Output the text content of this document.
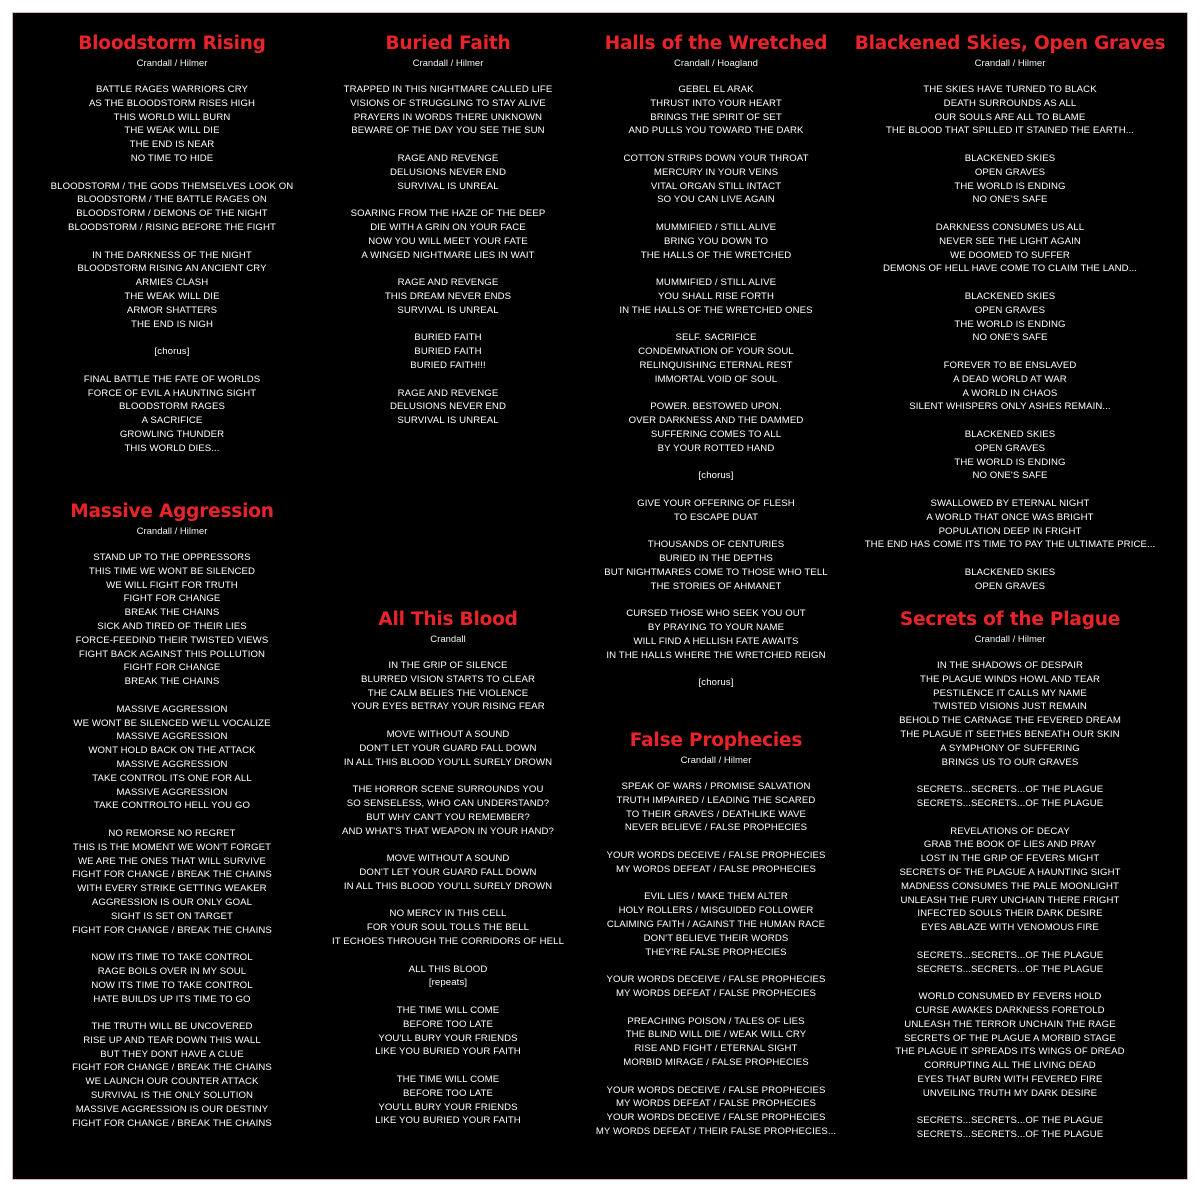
Bloodstorm Rising
Crandall / Hilmer
BATTLE RAGES WARRIORS CRY
AS THE BLOODSTORM RISES HIGH
THIS WORLD WILL BURN
THE WEAK WILL DIE
THE END IS NEAR
NO TIME TO HIDE
BLOODSTORM / THE GODS THEMSELVES LOOK ON
BLOODSTORM / THE BATTLE RAGES ON
BLOODSTORM / DEMONS OF THE NIGHT
BLOODSTORM / RISING BEFORE THE FIGHT
IN THE DARKNESS OF THE NIGHT
BLOODSTORM RISING AN ANCIENT CRY
ARMIES CLASH
THE WEAK WILL DIE
ARMOR SHATTERS
THE END IS NIGH
[chorus]
FINAL BATTLE THE FATE OF WORLDS
FORCE OF EVIL A HAUNTING SIGHT
BLOODSTORM RAGES
A SACRIFICE
GROWLING THUNDER
THIS WORLD DIES...
Buried Faith
Crandall / Hilmer
TRAPPED IN THIS NIGHTMARE CALLED LIFE
VISIONS OF STRUGGLING TO STAY ALIVE
PRAYERS IN WORDS THERE UNKNOWN
BEWARE OF THE DAY YOU SEE THE SUN
RAGE AND REVENGE
DELUSIONS NEVER END
SURVIVAL IS UNREAL
SOARING FROM THE HAZE OF THE DEEP
DIE WITH A GRIN ON YOUR FACE
NOW YOU WILL MEET YOUR FATE
A WINGED NIGHTMARE LIES IN WAIT
RAGE AND REVENGE
THIS DREAM NEVER ENDS
SURVIVAL IS UNREAL
BURIED FAITH
BURIED FAITH
BURIED FAITH!!!
RAGE AND REVENGE
DELUSIONS NEVER END
SURVIVAL IS UNREAL
Halls of the Wretched
Crandall / Hoagland
GEBEL EL ARAK
THRUST INTO YOUR HEART
BRINGS THE SPIRIT OF SET
AND PULLS YOU TOWARD THE DARK
COTTON STRIPS DOWN YOUR THROAT
MERCURY IN YOUR VEINS
VITAL ORGAN STILL INTACT
SO YOU CAN LIVE AGAIN
MUMMIFIED / STILL ALIVE
BRING YOU DOWN TO
THE HALLS OF THE WRETCHED
MUMMIFIED / STILL ALIVE
YOU SHALL RISE FORTH
IN THE HALLS OF THE WRETCHED ONES
SELF. SACRIFICE
CONDEMNATION OF YOUR SOUL
RELINQUISHING ETERNAL REST
IMMORTAL VOID OF SOUL
POWER. BESTOWED UPON.
OVER DARKNESS AND THE DAMMED
SUFFERING COMES TO ALL
BY YOUR ROTTED HAND
[chorus]
GIVE YOUR OFFERING OF FLESH
TO ESCAPE DUAT
THOUSANDS OF CENTURIES
BURIED IN THE DEPTHS
BUT NIGHTMARES COME TO THOSE WHO TELL
THE STORIES OF AHMANET
CURSED THOSE WHO SEEK YOU OUT
BY PRAYING TO YOUR NAME
WILL FIND A HELLISH FATE AWAITS
IN THE HALLS WHERE THE WRETCHED REIGN
[chorus]
Blackened Skies, Open Graves
Crandall / Hilmer
THE SKIES HAVE TURNED TO BLACK
DEATH SURROUNDS AS ALL
OUR SOULS ARE ALL TO BLAME
THE BLOOD THAT SPILLED IT STAINED THE EARTH...
BLACKENED SKIES
OPEN GRAVES
THE WORLD IS ENDING
NO ONE'S SAFE
DARKNESS CONSUMES US ALL
NEVER SEE THE LIGHT AGAIN
WE DOOMED TO SUFFER
DEMONS OF HELL HAVE COME TO CLAIM THE LAND...
BLACKENED SKIES
OPEN GRAVES
THE WORLD IS ENDING
NO ONE'S SAFE
FOREVER TO BE ENSLAVED
A DEAD WORLD AT WAR
A WORLD IN CHAOS
SILENT WHISPERS ONLY ASHES REMAIN...
BLACKENED SKIES
OPEN GRAVES
THE WORLD IS ENDING
NO ONE'S SAFE
SWALLOWED BY ETERNAL NIGHT
A WORLD THAT ONCE WAS BRIGHT
POPULATION DEEP IN FRIGHT
THE END HAS COME ITS TIME TO PAY THE ULTIMATE PRICE...
BLACKENED SKIES
OPEN GRAVES
Massive Aggression
Crandall / Hilmer
STAND UP TO THE OPPRESSORS
THIS TIME WE WONT BE SILENCED
WE WILL FIGHT FOR TRUTH
FIGHT FOR CHANGE
BREAK THE CHAINS
SICK AND TIRED OF THEIR LIES
FORCE-FEEDIND THEIR TWISTED VIEWS
FIGHT BACK AGAINST THIS POLLUTION
FIGHT FOR CHANGE
BREAK THE CHAINS
MASSIVE AGGRESSION
WE WONT BE SILENCED WE'LL VOCALIZE
MASSIVE AGGRESSION
WONT HOLD BACK ON THE ATTACK
MASSIVE AGGRESSION
TAKE CONTROL ITS ONE FOR ALL
MASSIVE AGGRESSION
TAKE CONTROLTO HELL YOU GO
NO REMORSE NO REGRET
THIS IS THE MOMENT WE WON'T FORGET
WE ARE THE ONES THAT WILL SURVIVE
FIGHT FOR CHANGE / BREAK THE CHAINS
WITH EVERY STRIKE GETTING WEAKER
AGGRESSION IS OUR ONLY GOAL
SIGHT IS SET ON TARGET
FIGHT FOR CHANGE / BREAK THE CHAINS
NOW ITS TIME TO TAKE CONTROL
RAGE BOILS OVER IN MY SOUL
NOW ITS TIME TO TAKE CONTROL
HATE BUILDS UP ITS TIME TO GO
THE TRUTH WILL BE UNCOVERED
RISE UP AND TEAR DOWN THIS WALL
BUT THEY DONT HAVE A CLUE
FIGHT FOR CHANGE / BREAK THE CHAINS
WE LAUNCH OUR COUNTER ATTACK
SURVIVAL IS THE ONLY SOLUTION
MASSIVE AGGRESSION IS OUR DESTINY
FIGHT FOR CHANGE / BREAK THE CHAINS
All This Blood
Crandall
IN THE GRIP OF SILENCE
BLURRED VISION STARTS TO CLEAR
THE CALM BELIES THE VIOLENCE
YOUR EYES BETRAY YOUR RISING FEAR
MOVE WITHOUT A SOUND
DON'T LET YOUR GUARD FALL DOWN
IN ALL THIS BLOOD YOU'LL SURELY DROWN
THE HORROR SCENE SURROUNDS YOU
SO SENSELESS, WHO CAN UNDERSTAND?
BUT WHY CAN'T YOU REMEMBER?
AND WHAT'S THAT WEAPON IN YOUR HAND?
MOVE WITHOUT A SOUND
DON'T LET YOUR GUARD FALL DOWN
IN ALL THIS BLOOD YOU'LL SURELY DROWN
NO MERCY IN THIS CELL
FOR YOUR SOUL TOLLS THE BELL
IT ECHOES THROUGH THE CORRIDORS OF HELL
ALL THIS BLOOD
[repeats]
THE TIME WILL COME
BEFORE TOO LATE
YOU'LL BURY YOUR FRIENDS
LIKE YOU BURIED YOUR FAITH
THE TIME WILL COME
BEFORE TOO LATE
YOU'LL BURY YOUR FRIENDS
LIKE YOU BURIED YOUR FAITH
False Prophecies
Crandall / Hilmer
SPEAK OF WARS / PROMISE SALVATION
TRUTH IMPAIRED / LEADING THE SCARED
TO THEIR GRAVES / DEATHLIKE WAVE
NEVER BELIEVE / FALSE PROPHECIES
YOUR WORDS DECEIVE / FALSE PROPHECIES
MY WORDS DEFEAT / FALSE PROPHECIES
EVIL LIES / MAKE THEM ALTER
HOLY ROLLERS / MISGUIDED FOLLOWER
CLAIMING FAITH / AGAINST THE HUMAN RACE
DON'T BELIEVE THEIR WORDS
THEY'RE FALSE PROPHECIES
YOUR WORDS DECEIVE / FALSE PROPHECIES
MY WORDS DEFEAT / FALSE PROPHECIES
PREACHING POISON / TALES OF LIES
THE BLIND WILL DIE / WEAK WILL CRY
RISE AND FIGHT / ETERNAL SIGHT
MORBID MIRAGE / FALSE PROPHECIES
YOUR WORDS DECEIVE / FALSE PROPHECIES
MY WORDS DEFEAT / FALSE PROPHECIES
YOUR WORDS DECEIVE / FALSE PROPHECIES
MY WORDS DEFEAT / THEIR FALSE PROPHECIES...
Secrets of the Plague
Crandall / Hilmer
IN THE SHADOWS OF DESPAIR
THE PLAGUE WINDS HOWL AND TEAR
PESTILENCE IT CALLS MY NAME
TWISTED VISIONS JUST REMAIN
BEHOLD THE CARNAGE THE FEVERED DREAM
THE PLAGUE IT SEETHES BENEATH OUR SKIN
A SYMPHONY OF SUFFERING
BRINGS US TO OUR GRAVES
SECRETS...SECRETS...OF THE PLAGUE
SECRETS...SECRETS...OF THE PLAGUE
REVELATIONS OF DECAY
GRAB THE BOOK OF LIES AND PRAY
LOST IN THE GRIP OF FEVERS MIGHT
SECRETS OF THE PLAGUE A HAUNTING SIGHT
MADNESS CONSUMES THE PALE MOONLIGHT
UNLEASH THE FURY UNCHAIN THERE FRIGHT
INFECTED SOULS THEIR DARK DESIRE
EYES ABLAZE WITH VENOMOUS FIRE
SECRETS...SECRETS...OF THE PLAGUE
SECRETS...SECRETS...OF THE PLAGUE
WORLD CONSUMED BY FEVERS HOLD
CURSE AWAKES DARKNESS FORETOLD
UNLEASH THE TERROR UNCHAIN THE RAGE
SECRETS OF THE PLAGUE A MORBID STAGE
THE PLAGUE IT SPREADS ITS WINGS OF DREAD
CORRUPTING ALL THE LIVING DEAD
EYES THAT BURN WITH FEVERED FIRE
UNVEILING TRUTH MY DARK DESIRE
SECRETS...SECRETS...OF THE PLAGUE
SECRETS...SECRETS...OF THE PLAGUE
